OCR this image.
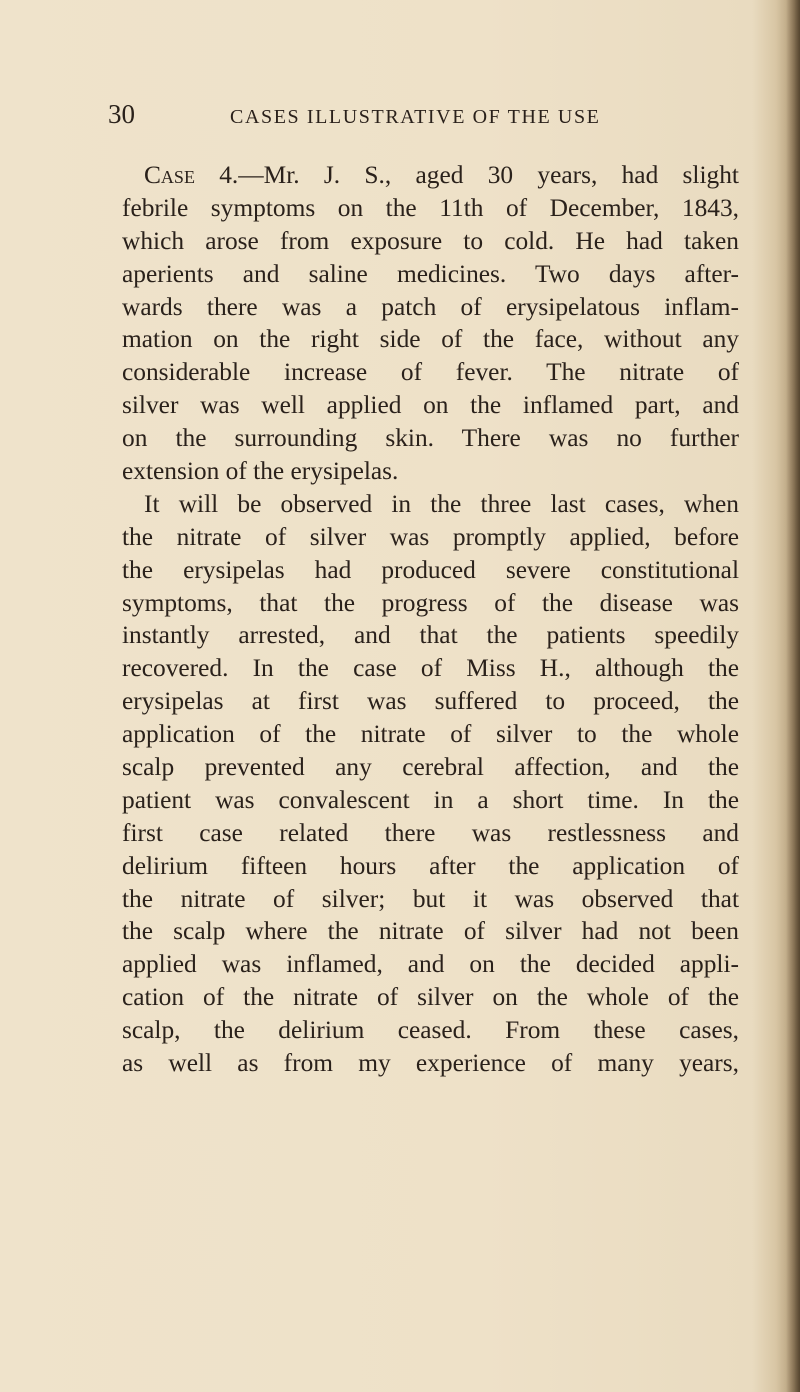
30	CASES ILLUSTRATIVE OF THE USE
Case 4.—Mr. J. S., aged 30 years, had slight
febrile symptoms on the 11th of December, 1843,
which arose from exposure to cold. He had taken
aperients and saline medicines. Two days after-
wards there was a patch of erysipelatous inflam-
mation on the right side of the face, without any
considerable increase of fever. The nitrate of
silver was well applied on the inflamed part, and
on the surrounding skin. There was no further
extension of the erysipelas.
It will be observed in the three last cases, when
the nitrate of silver was promptly applied, before
the erysipelas had produced severe constitutional
symptoms, that the progress of the disease was
instantly arrested, and that the patients speedily
recovered. In the case of Miss H., although the
erysipelas at first was suffered to proceed, the
application of the nitrate of silver to the whole
scalp prevented any cerebral affection, and the
patient was convalescent in a short time. In the
first case related there was restlessness and
delirium fifteen hours after the application of
the nitrate of silver; but it was observed that
the scalp where the nitrate of silver had not been
applied was inflamed, and on the decided appli-
cation of the nitrate of silver on the whole of the
scalp, the delirium ceased. From these cases,
as well as from my experience of many years,
